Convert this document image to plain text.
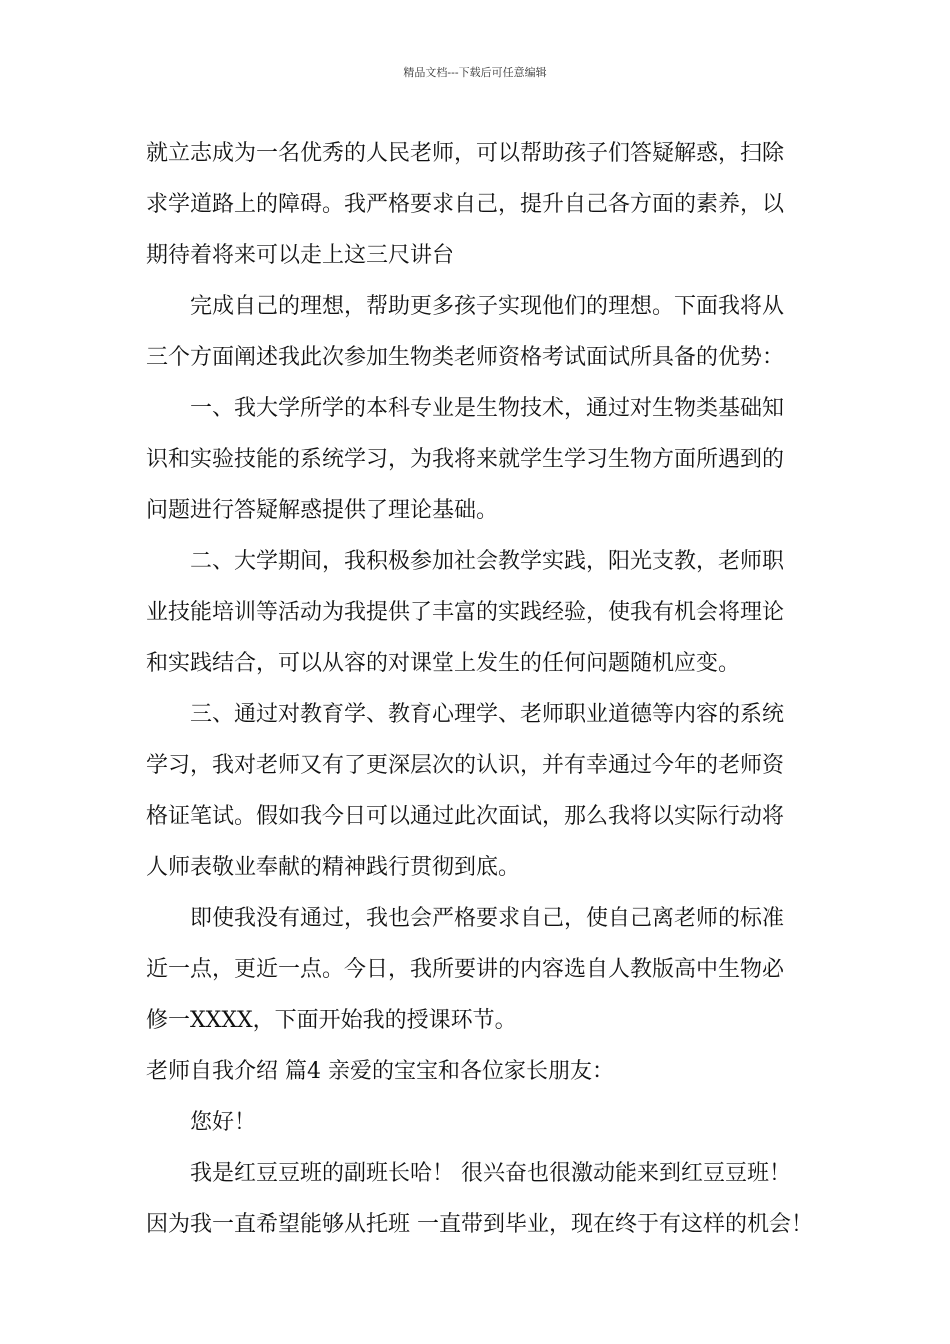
精品文档---下载后可任意编辑
就立志成为一名优秀的人民老师，可以帮助孩子们答疑解惑，扫除
求学道路上的障碍。我严格要求自己，提升自己各方面的素养，以
期待着将来可以走上这三尺讲台
完成自己的理想，帮助更多孩子实现他们的理想。下面我将从
三个方面阐述我此次参加生物类老师资格考试面试所具备的优势：
一、我大学所学的本科专业是生物技术，通过对生物类基础知
识和实验技能的系统学习，为我将来就学生学习生物方面所遇到的
问题进行答疑解惑提供了理论基础。
二、大学期间，我积极参加社会教学实践，阳光支教，老师职
业技能培训等活动为我提供了丰富的实践经验，使我有机会将理论
和实践结合，可以从容的对课堂上发生的任何问题随机应变。
三、通过对教育学、教育心理学、老师职业道德等内容的系统
学习，我对老师又有了更深层次的认识，并有幸通过今年的老师资
格证笔试。假如我今日可以通过此次面试，那么我将以实际行动将
人师表敬业奉献的精神践行贯彻到底。
即使我没有通过，我也会严格要求自己，使自己离老师的标准
近一点，更近一点。今日，我所要讲的内容选自人教版高中生物必
修一XXXX，下面开始我的授课环节。
老师自我介绍 篇4 亲爱的宝宝和各位家长朋友：
您好！
我是红豆豆班的副班长哈！ 很兴奋也很激动能来到红豆豆班！
因为我一直希望能够从托班 一直带到毕业，现在终于有这样的机会！
